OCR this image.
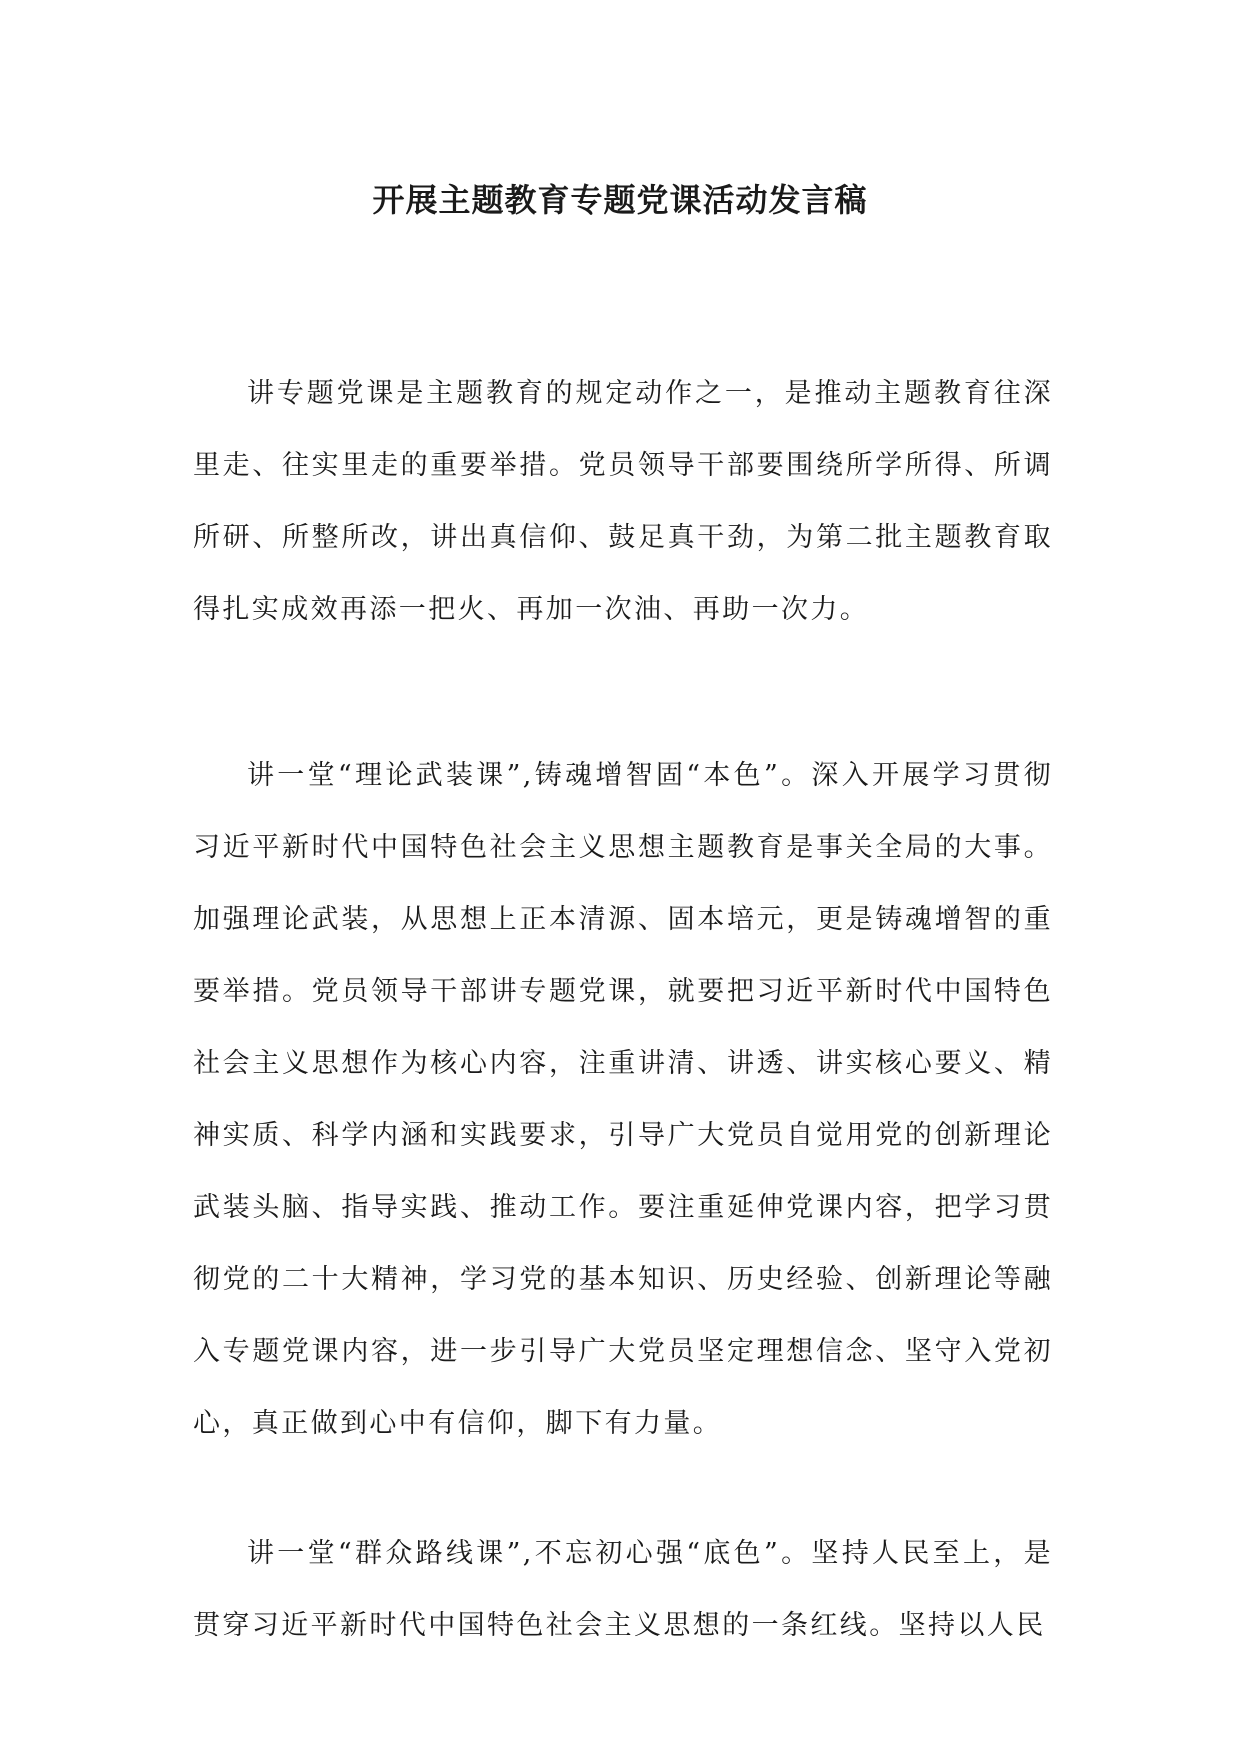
开展主题教育专题党课活动发言稿

讲专题党课是主题教育的规定动作之一，是推动主题教育往深里走、往实里走的重要举措。党员领导干部要围绕所学所得、所调所研、所整所改，讲出真信仰、鼓足真干劲，为第二批主题教育取得扎实成效再添一把火、再加一次油、再助一次力。

讲一堂“理论武装课”,铸魂增智固“本色”。深入开展学习贯彻习近平新时代中国特色社会主义思想主题教育是事关全局的大事。加强理论武装，从思想上正本清源、固本培元，更是铸魂增智的重要举措。党员领导干部讲专题党课，就要把习近平新时代中国特色社会主义思想作为核心内容，注重讲清、讲透、讲实核心要义、精神实质、科学内涵和实践要求，引导广大党员自觉用党的创新理论武装头脑、指导实践、推动工作。要注重延伸党课内容，把学习贯彻党的二十大精神，学习党的基本知识、历史经验、创新理论等融入专题党课内容，进一步引导广大党员坚定理想信念、坚守入党初心，真正做到心中有信仰，脚下有力量。

讲一堂“群众路线课”,不忘初心强“底色”。坚持人民至上，是贯穿习近平新时代中国特色社会主义思想的一条红线。坚持以人民
